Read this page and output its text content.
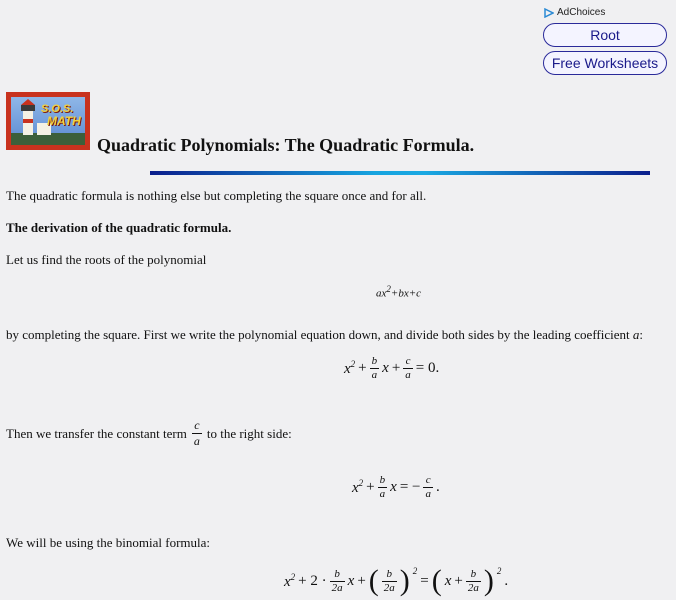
AdChoices
Root
Free Worksheets
S.O.S.
MATH
Quadratic Polynomials: The Quadratic Formula.
The quadratic formula is nothing else but completing the square once and for all.
The derivation of the quadratic formula.
Let us find the roots of the polynomial
$ax^2+bx+c$
by completing the square. First we write the polynomial equation down, and divide both sides by the leading coefficient a:
$x^2 + \frac{b}{a}$ $x + \frac{c}{a} = 0$.
Then we transfer the constant term $\frac{c}{a}$ to the right side:
$x^2 + \frac{b}{a}$ x = − $\frac{c}{a}$ .
We will be using the binomial formula:
$x^2 + 2 \cdot \frac{b}{2a}$ x + ( $\frac{b}{2a}$ ) $^2$
= ( $x + \frac{b}{2a}$ ) $^2$
.
